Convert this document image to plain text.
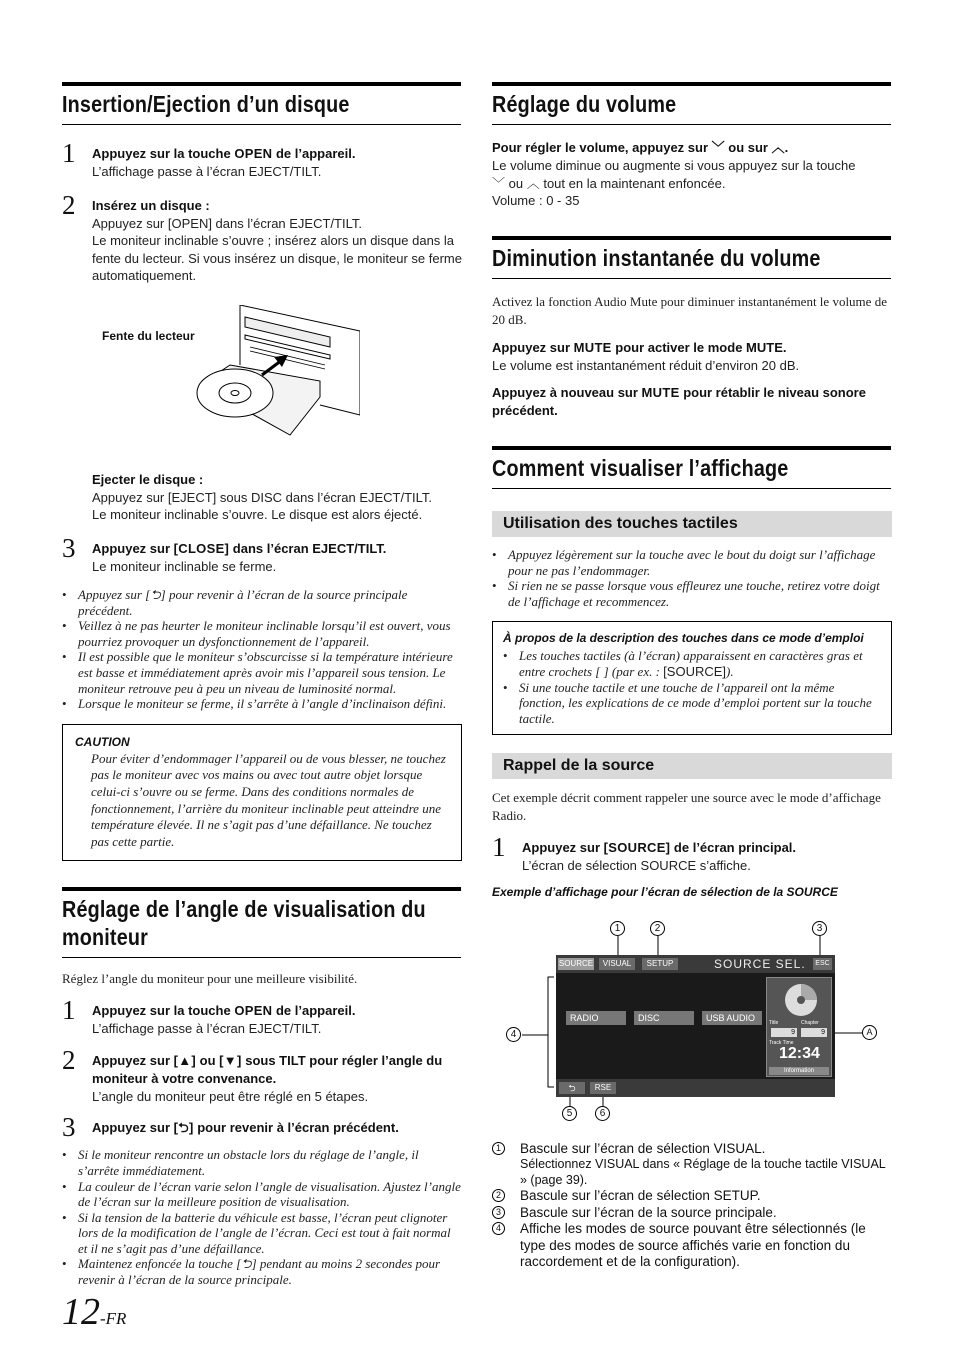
Insertion/Ejection d’un disque
1 Appuyez sur la touche OPEN de l’appareil.
L’affichage passe à l’écran EJECT/TILT.
2 Insérez un disque :
Appuyez sur [OPEN] dans l’écran EJECT/TILT.
Le moniteur inclinable s’ouvre ; insérez alors un disque dans la fente du lecteur. Si vous insérez un disque, le moniteur se ferme automatiquement.
Fente du lecteur
Ejecter le disque :
Appuyez sur [EJECT] sous DISC dans l’écran EJECT/TILT.
Le moniteur inclinable s’ouvre. Le disque est alors éjecté.
3 Appuyez sur [CLOSE] dans l’écran EJECT/TILT.
Le moniteur inclinable se ferme.
• Appuyez sur [⮌] pour revenir à l’écran de la source principale précédent.
• Veillez à ne pas heurter le moniteur inclinable lorsqu’il est ouvert, vous pourriez provoquer un dysfonctionnement de l’appareil.
• Il est possible que le moniteur s’obscurcisse si la température intérieure est basse et immédiatement après avoir mis l’appareil sous tension. Le moniteur retrouve peu à peu un niveau de luminosité normal.
• Lorsque le moniteur se ferme, il s’arrête à l’angle d’inclinaison défini.
CAUTION
Pour éviter d’endommager l’appareil ou de vous blesser, ne touchez pas le moniteur avec vos mains ou avec tout autre objet lorsque celui-ci s’ouvre ou se ferme. Dans des conditions normales de fonctionnement, l’arrière du moniteur inclinable peut atteindre une température élevée. Il ne s’agit pas d’une défaillance. Ne touchez pas cette partie.
Réglage de l’angle de visualisation du moniteur
Réglez l’angle du moniteur pour une meilleure visibilité.
1 Appuyez sur la touche OPEN de l’appareil.
L’affichage passe à l’écran EJECT/TILT.
2 Appuyez sur [▲] ou [▼] sous TILT pour régler l’angle du moniteur à votre convenance.
L’angle du moniteur peut être réglé en 5 étapes.
3 Appuyez sur [⮌] pour revenir à l’écran précédent.
• Si le moniteur rencontre un obstacle lors du réglage de l’angle, il s’arrête immédiatement.
• La couleur de l’écran varie selon l’angle de visualisation. Ajustez l’angle de l’écran sur la meilleure position de visualisation.
• Si la tension de la batterie du véhicule est basse, l’écran peut clignoter lors de la modification de l’angle de l’écran. Ceci est tout à fait normal et il ne s’agit pas d’une défaillance.
• Maintenez enfoncée la touche [⮌] pendant au moins 2 secondes pour revenir à l’écran de la source principale.
12-FR
Réglage du volume
Pour régler le volume, appuyez sur ﹀ ou sur ︿.
Le volume diminue ou augmente si vous appuyez sur la touche
﹀ ou ︿ tout en la maintenant enfoncée.
Volume : 0 - 35
Diminution instantanée du volume
Activez la fonction Audio Mute pour diminuer instantanément le volume de 20 dB.
Appuyez sur MUTE pour activer le mode MUTE.
Le volume est instantanément réduit d’environ 20 dB.
Appuyez à nouveau sur MUTE pour rétablir le niveau sonore précédent.
Comment visualiser l’affichage
Utilisation des touches tactiles
• Appuyez légèrement sur la touche avec le bout du doigt sur l’affichage pour ne pas l’endommager.
• Si rien ne se passe lorsque vous effleurez une touche, retirez votre doigt de l’affichage et recommencez.
À propos de la description des touches dans ce mode d’emploi
• Les touches tactiles (à l’écran) apparaissent en caractères gras et entre crochets [ ] (par ex. : [SOURCE]).
• Si une touche tactile et une touche de l’appareil ont la même fonction, les explications de ce mode d’emploi portent sur la touche tactile.
Rappel de la source
Cet exemple décrit comment rappeler une source avec le mode d’affichage Radio.
1 Appuyez sur [SOURCE] de l’écran principal.
L’écran de sélection SOURCE s’affiche.
Exemple d’affichage pour l’écran de sélection de la SOURCE
1	2	3
4	A
5	6
SOURCE	VISUAL	SETUP	SOURCE SEL.	ESC
RADIO	DISC	USB AUDIO	Title	Chapter
9	9
Track Time
12:34
Information
⮌	RSE
1 Bascule sur l’écran de sélection VISUAL.
Sélectionnez VISUAL dans « Réglage de la touche tactile VISUAL » (page 39).
2 Bascule sur l’écran de sélection SETUP.
3 Bascule sur l’écran de la source principale.
4 Affiche les modes de source pouvant être sélectionnés (le type des modes de source affichés varie en fonction du raccordement et de la configuration).
